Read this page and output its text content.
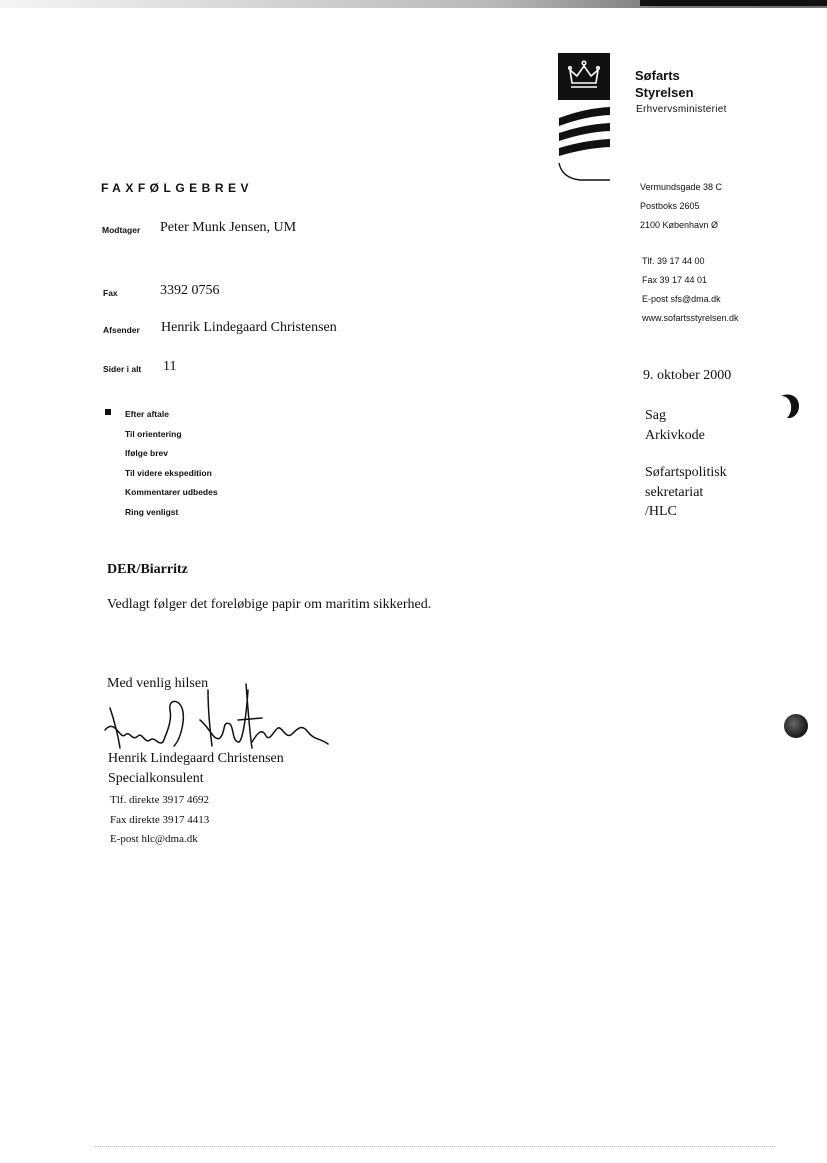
Søfarts
Styrelsen
Erhvervsministeriet
Vermundsgade 38 C
Postboks 2605
2100 København Ø
Tlf. 39 17 44 00
Fax 39 17 44 01
E-post sfs@dma.dk
www.sofartsstyrelsen.dk
FAXFØLGEBREV
Modtager Peter Munk Jensen, UM
Fax	3392 0756
Afsender Henrik Lindegaard Christensen
Sider i alt 11
Efter aftale
Til orientering
Ifølge brev
Til videre ekspedition
Kommentarer udbedes
Ring venligst
9. oktober 2000
Sag
Arkivkode
Søfartspolitisk
sekretariat
/HLC
DER/Biarritz
Vedlagt følger det foreløbige papir om maritim sikkerhed.
Med venlig hilsen
Henrik Lindegaard Christensen
Specialkonsulent
Tlf. direkte 3917 4692
Fax direkte 3917 4413
E-post hlc@dma.dk
